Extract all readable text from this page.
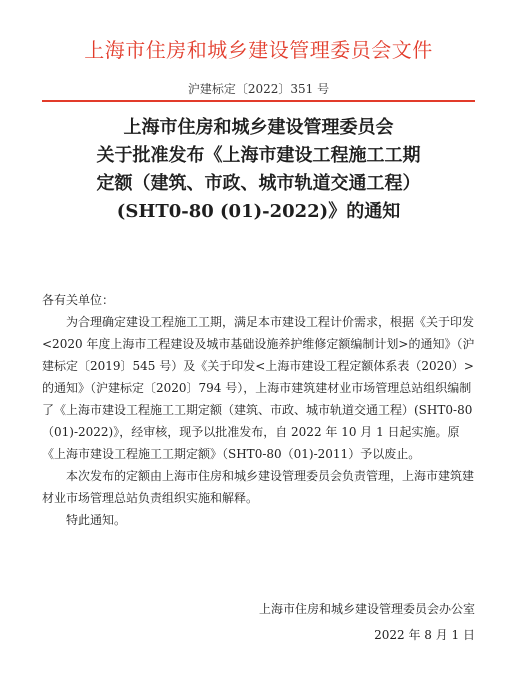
上海市住房和城乡建设管理委员会文件
沪建标定〔2022〕351 号
上海市住房和城乡建设管理委员会
关于批准发布《上海市建设工程施工工期
定额（建筑、市政、城市轨道交通工程）
(SHT0-80 (01)-2022)》的通知
各有关单位：
为合理确定建设工程施工工期，满足本市建设工程计价需求，根据《关于印发<2020 年度上海市工程建设及城市基础设施养护维修定额编制计划>的通知》（沪建标定〔2019〕545 号）及《关于印发<上海市建设工程定额体系表（2020）>的通知》（沪建标定〔2020〕794 号），上海市建筑建材业市场管理总站组织编制了《上海市建设工程施工工期定额（建筑、市政、城市轨道交通工程）(SHT0-80（01)-2022)》，经审核，现予以批准发布，自 2022 年 10 月 1 日起实施。原《上海市建设工程施工工期定额》（SHT0-80（01)-2011）予以废止。
本次发布的定额由上海市住房和城乡建设管理委员会负责管理，上海市建筑建材业市场管理总站负责组织实施和解释。
特此通知。
上海市住房和城乡建设管理委员会办公室
2022 年 8 月 1 日
